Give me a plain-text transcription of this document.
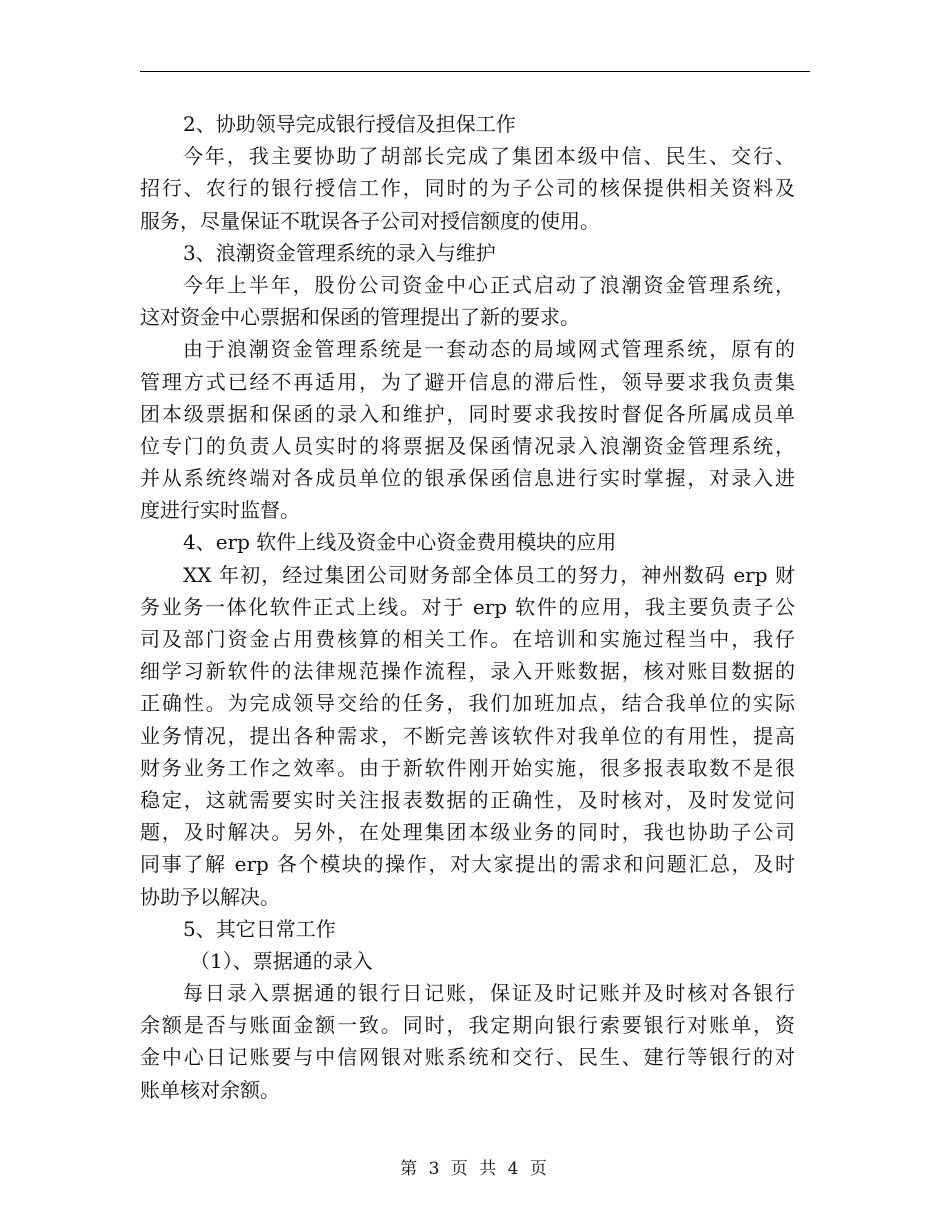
2、协助领导完成银行授信及担保工作
今年，我主要协助了胡部长完成了集团本级中信、民生、交行、
招行、农行的银行授信工作，同时的为子公司的核保提供相关资料及
服务，尽量保证不耽误各子公司对授信额度的使用。
3、浪潮资金管理系统的录入与维护
今年上半年，股份公司资金中心正式启动了浪潮资金管理系统，
这对资金中心票据和保函的管理提出了新的要求。
由于浪潮资金管理系统是一套动态的局域网式管理系统，原有的
管理方式已经不再适用，为了避开信息的滞后性，领导要求我负责集
团本级票据和保函的录入和维护，同时要求我按时督促各所属成员单
位专门的负责人员实时的将票据及保函情况录入浪潮资金管理系统，
并从系统终端对各成员单位的银承保函信息进行实时掌握，对录入进
度进行实时监督。
4、erp 软件上线及资金中心资金费用模块的应用
XX 年初，经过集团公司财务部全体员工的努力，神州数码 erp 财
务业务一体化软件正式上线。对于 erp 软件的应用，我主要负责子公
司及部门资金占用费核算的相关工作。在培训和实施过程当中，我仔
细学习新软件的法律规范操作流程，录入开账数据，核对账目数据的
正确性。为完成领导交给的任务，我们加班加点，结合我单位的实际
业务情况，提出各种需求，不断完善该软件对我单位的有用性，提高
财务业务工作之效率。由于新软件刚开始实施，很多报表取数不是很
稳定，这就需要实时关注报表数据的正确性，及时核对，及时发觉问
题，及时解决。另外，在处理集团本级业务的同时，我也协助子公司
同事了解 erp 各个模块的操作，对大家提出的需求和问题汇总，及时
协助予以解决。
5、其它日常工作
（1）、票据通的录入
每日录入票据通的银行日记账，保证及时记账并及时核对各银行
余额是否与账面金额一致。同时，我定期向银行索要银行对账单，资
金中心日记账要与中信网银对账系统和交行、民生、建行等银行的对
账单核对余额。
第 3 页 共 4 页
